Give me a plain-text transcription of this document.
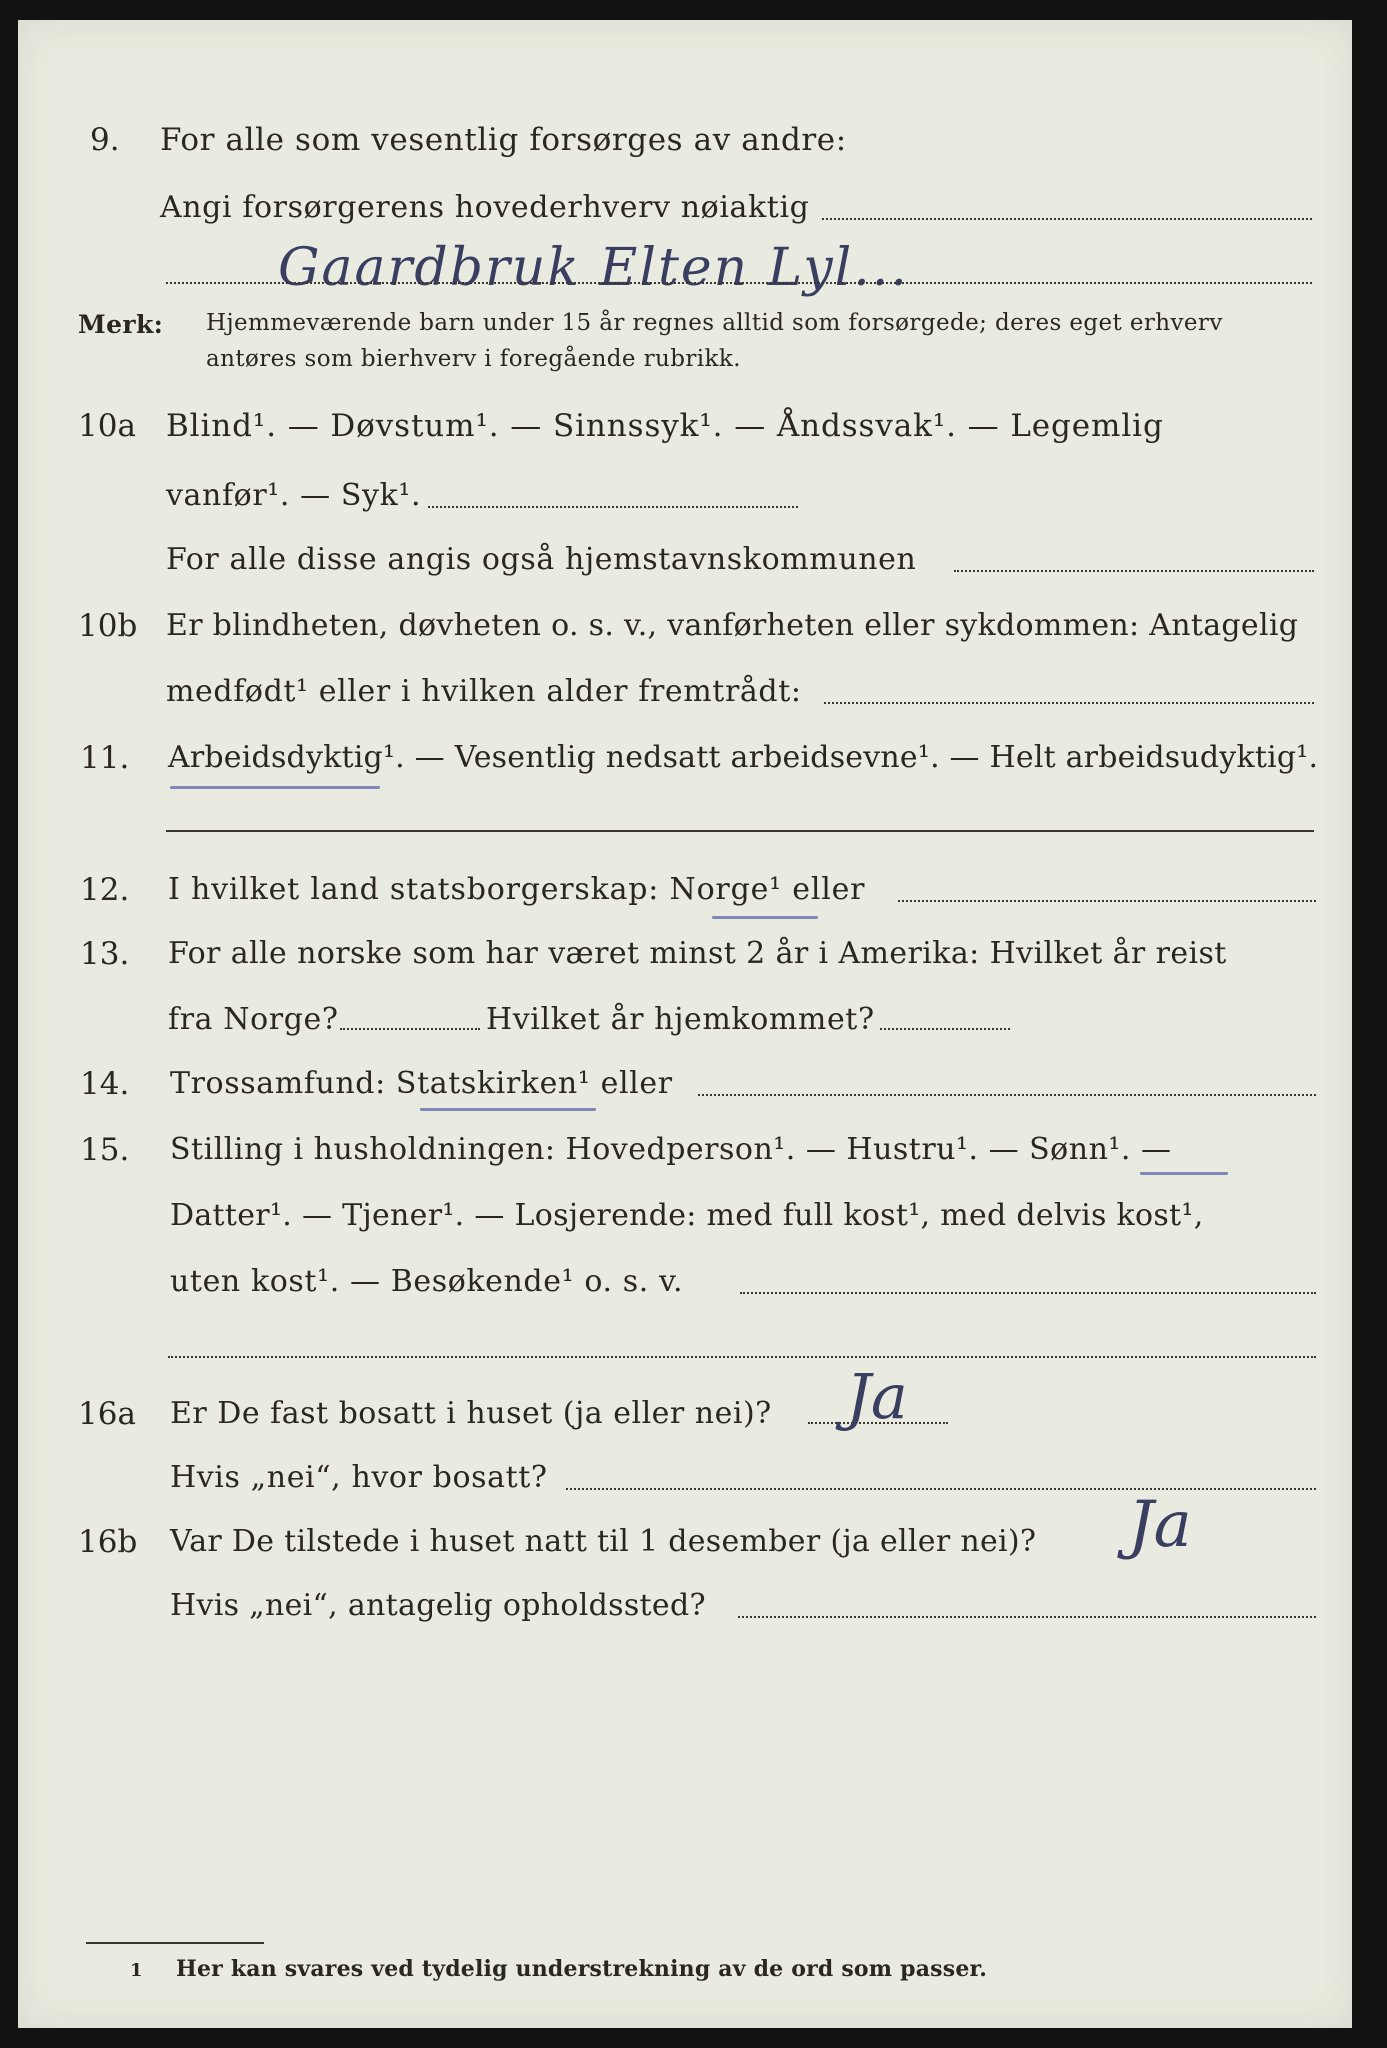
9. For alle som vesentlig forsørges av andre:
Angi forsørgerens hovederhverv nøiaktig
Gaardbruk Elten Lyl...
Merk: Hjemmeværende barn under 15 år regnes alltid som forsørgede; deres eget erhverv
antøres som bierhverv i foregående rubrikk.
10a Blind¹. — Døvstum¹. — Sinnssyk¹. — Åndssvak¹. — Legemlig
vanfør¹. — Syk¹.
For alle disse angis også hjemstavnskommunen
10b Er blindheten, døvheten o. s. v., vanførheten eller sykdommen: Antagelig
medfødt¹ eller i hvilken alder fremtrådt:
11. Arbeidsdyktig¹. — Vesentlig nedsatt arbeidsevne¹. — Helt arbeidsudyktig¹.
12. I hvilket land statsborgerskap: Norge¹ eller
13. For alle norske som har været minst 2 år i Amerika: Hvilket år reist
fra Norge?	Hvilket år hjemkommet?
14. Trossamfund: Statskirken¹ eller
15. Stilling i husholdningen: Hovedperson¹. — Hustru¹. — Sønn¹. —
Datter¹. — Tjener¹. — Losjerende: med full kost¹, med delvis kost¹,
uten kost¹. — Besøkende¹ o. s. v.
16a Er De fast bosatt i huset (ja eller nei)? Ja
Hvis „nei“, hvor bosatt?
16b Var De tilstede i huset natt til 1 desember (ja eller nei)? Ja
Hvis „nei“, antagelig opholdssted?
1 Her kan svares ved tydelig understrekning av de ord som passer.
